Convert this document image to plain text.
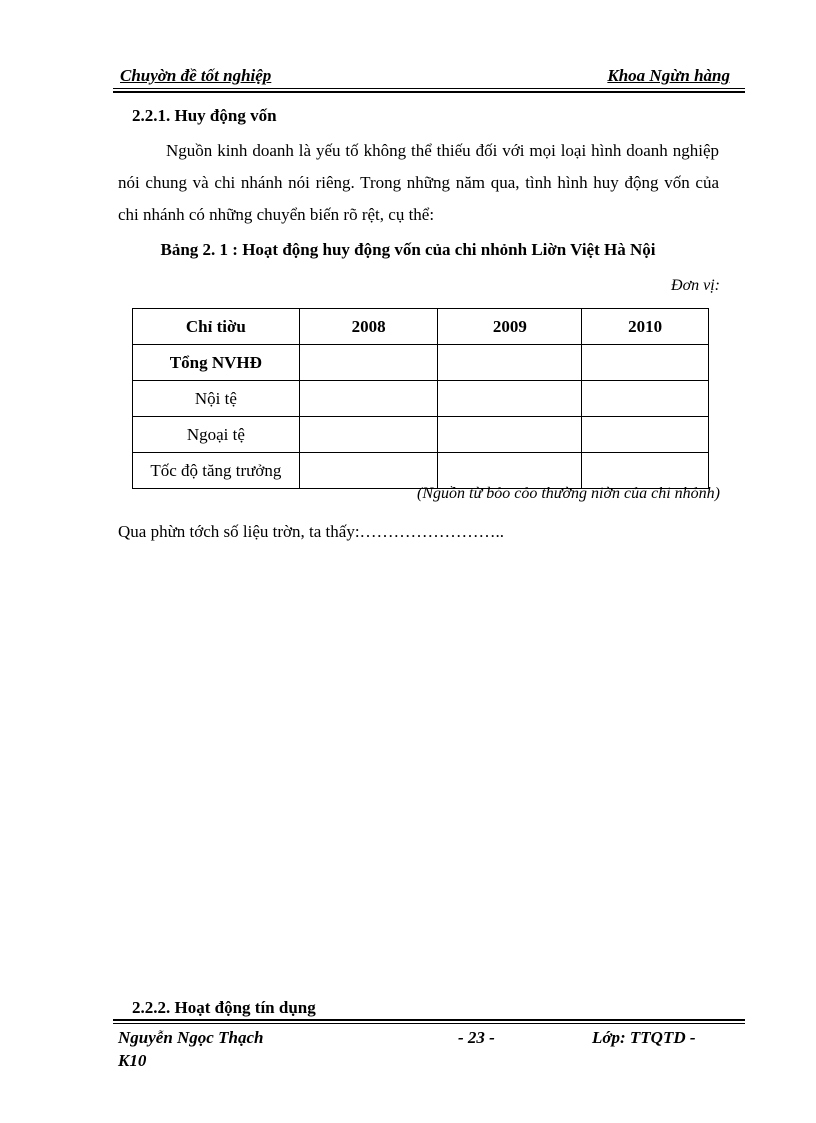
Chuyờn đề tốt nghiệp	Khoa Ngừn hàng
2.2.1. Huy động vốn
Nguồn kinh doanh là yếu tố không thể thiếu đối với mọi loại hình doanh nghiệp nói chung và chi nhánh nói riêng. Trong những năm qua, tình hình huy động vốn của chi nhánh có những chuyển biến rõ rệt, cụ thể:
Bảng 2. 1 : Hoạt động huy động vốn của chi nhỏnh Liờn Việt Hà Nội
Đơn vị:
Chỉ tiờu	2008	2009	2010
Tổng NVHĐ			
Nội tệ			
Ngoại tệ			
Tốc độ tăng trưởng			
(Nguồn từ bỏo cỏo thường niờn của chi nhỏnh)
Qua phừn tớch số liệu trờn, ta thấy:……………………..
2.2.2. Hoạt động tín dụng
Nguyễn Ngọc Thạch
K10
- 23 -	Lớp: TTQTD -
